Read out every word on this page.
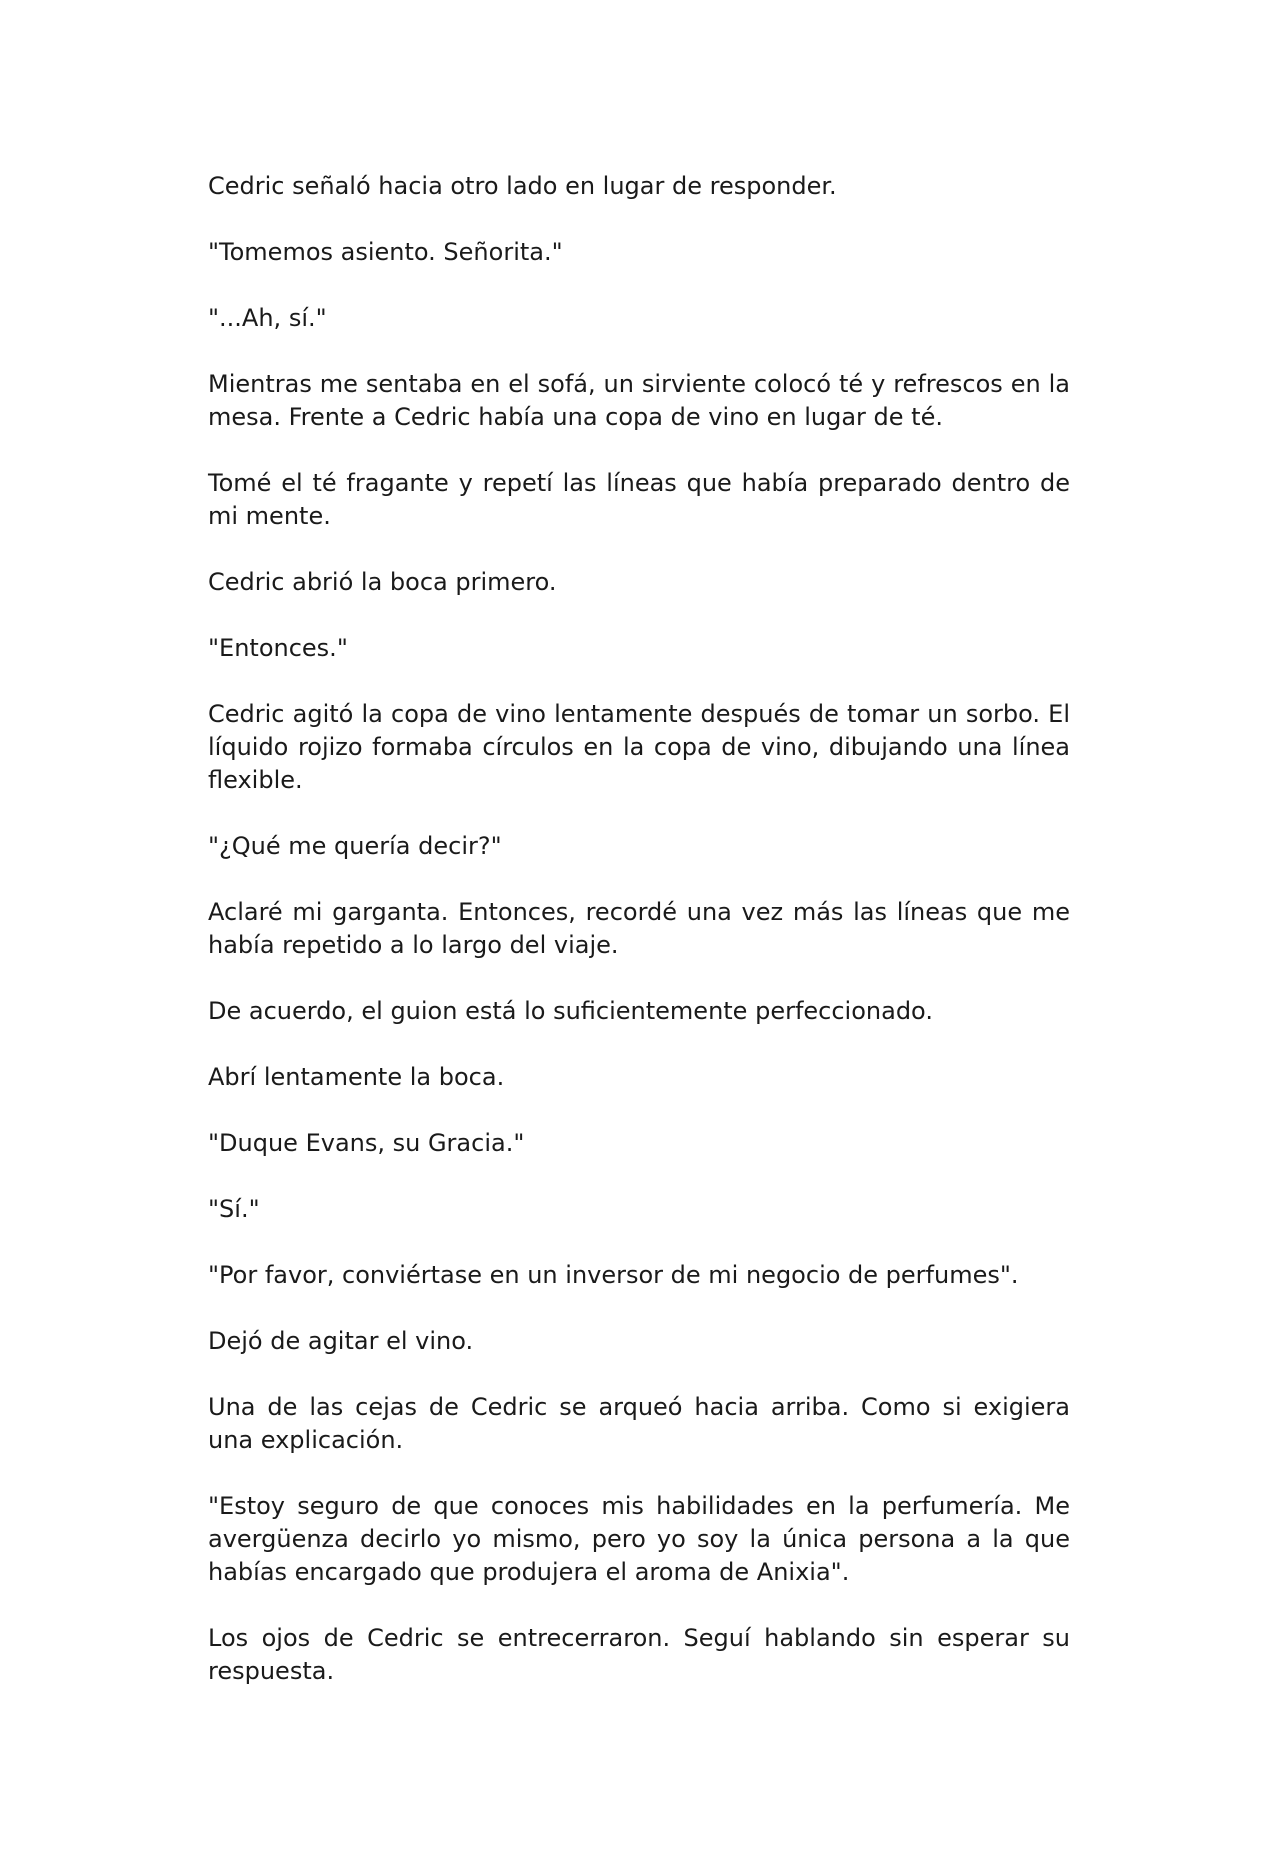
Cedric señaló hacia otro lado en lugar de responder.

"Tomemos asiento. Señorita."

"...Ah, sí."

Mientras me sentaba en el sofá, un sirviente colocó té y refrescos en la mesa. Frente a Cedric había una copa de vino en lugar de té.

Tomé el té fragante y repetí las líneas que había preparado dentro de mi mente.

Cedric abrió la boca primero.

"Entonces."

Cedric agitó la copa de vino lentamente después de tomar un sorbo. El líquido rojizo formaba círculos en la copa de vino, dibujando una línea flexible.

"¿Qué me quería decir?"

Aclaré mi garganta. Entonces, recordé una vez más las líneas que me había repetido a lo largo del viaje.

De acuerdo, el guion está lo suficientemente perfeccionado.

Abrí lentamente la boca.

"Duque Evans, su Gracia."

"Sí."

"Por favor, conviértase en un inversor de mi negocio de perfumes".

Dejó de agitar el vino.

Una de las cejas de Cedric se arqueó hacia arriba. Como si exigiera una explicación.

"Estoy seguro de que conoces mis habilidades en la perfumería. Me avergüenza decirlo yo mismo, pero yo soy la única persona a la que habías encargado que produjera el aroma de Anixia".

Los ojos de Cedric se entrecerraron. Seguí hablando sin esperar su respuesta.
